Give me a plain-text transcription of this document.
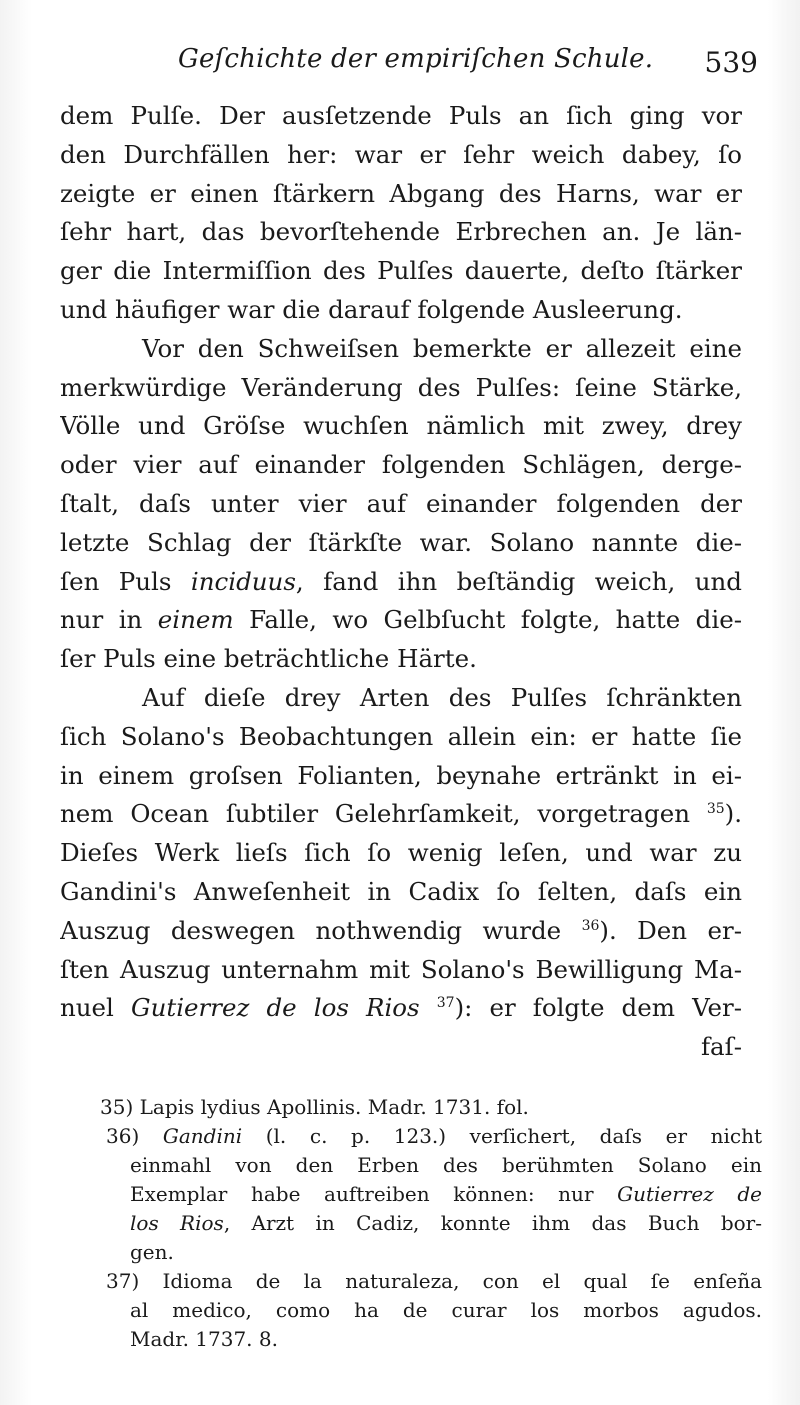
Geſchichte der empiriſchen Schule. 539
dem Pulſe. Der ausſetzende Puls an ſich ging vor
den Durchfällen her: war er ſehr weich dabey, ſo
zeigte er einen ſtärkern Abgang des Harns, war er
ſehr hart, das bevorſtehende Erbrechen an. Je län-
ger die Intermiſſion des Pulſes dauerte, deſto ſtärker
und häufiger war die darauf folgende Ausleerung.
Vor den Schweiſsen bemerkte er allezeit eine
merkwürdige Veränderung des Pulſes: ſeine Stärke,
Völle und Gröſse wuchſen nämlich mit zwey, drey
oder vier auf einander folgenden Schlägen, derge-
ſtalt, daſs unter vier auf einander folgenden der
letzte Schlag der ſtärkſte war. Solano nannte die-
ſen Puls inciduus, fand ihn beſtändig weich, und
nur in einem Falle, wo Gelbſucht folgte, hatte die-
ſer Puls eine beträchtliche Härte.
Auf dieſe drey Arten des Pulſes ſchränkten
ſich Solano's Beobachtungen allein ein: er hatte ſie
in einem groſsen Folianten, beynahe ertränkt in ei-
nem Ocean ſubtiler Gelehrſamkeit, vorgetragen $^{35}$).
Dieſes Werk lieſs ſich ſo wenig leſen, und war zu
Gandini's Anweſenheit in Cadix ſo ſelten, daſs ein
Auszug deswegen nothwendig wurde $^{36}$). Den er-
ſten Auszug unternahm mit Solano's Bewilligung Ma-
nuel Gutierrez de los Rios $^{37}$): er folgte dem Ver-
faſ-
35) Lapis lydius Apollinis. Madr. 1731. fol.
36) Gandini (l. c. p. 123.) verſichert, daſs er nicht
einmahl von den Erben des berühmten Solano ein
Exemplar habe auftreiben können: nur Gutierrez de
los Rios, Arzt in Cadiz, konnte ihm das Buch bor-
gen.
37) Idioma de la naturaleza, con el qual ſe enſeña
al medico, como ha de curar los morbos agudos.
Madr. 1737. 8.
